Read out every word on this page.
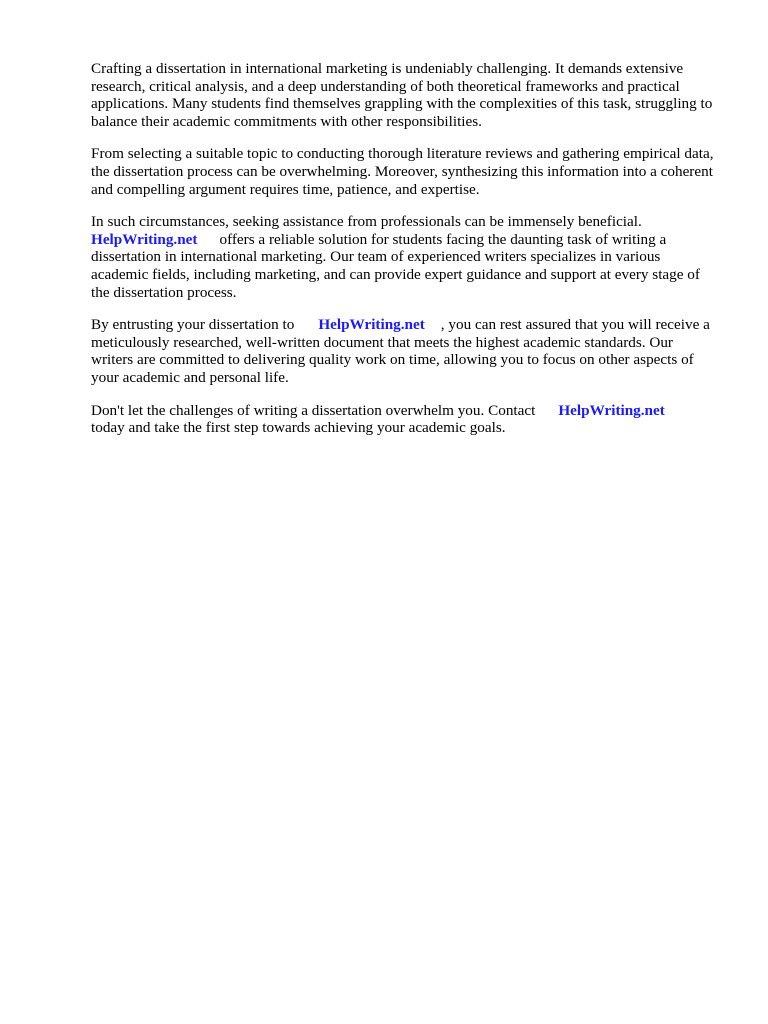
Crafting a dissertation in international marketing is undeniably challenging. It demands extensive research, critical analysis, and a deep understanding of both theoretical frameworks and practical applications. Many students find themselves grappling with the complexities of this task, struggling to balance their academic commitments with other responsibilities.

From selecting a suitable topic to conducting thorough literature reviews and gathering empirical data, the dissertation process can be overwhelming. Moreover, synthesizing this information into a coherent and compelling argument requires time, patience, and expertise.

In such circumstances, seeking assistance from professionals can be immensely beneficial.
HelpWriting.net offers a reliable solution for students facing the daunting task of writing a dissertation in international marketing. Our team of experienced writers specializes in various academic fields, including marketing, and can provide expert guidance and support at every stage of the dissertation process.

By entrusting your dissertation to HelpWriting.net , you can rest assured that you will receive a meticulously researched, well-written document that meets the highest academic standards. Our writers are committed to delivering quality work on time, allowing you to focus on other aspects of your academic and personal life.

Don't let the challenges of writing a dissertation overwhelm you. Contact HelpWriting.net
today and take the first step towards achieving your academic goals.
